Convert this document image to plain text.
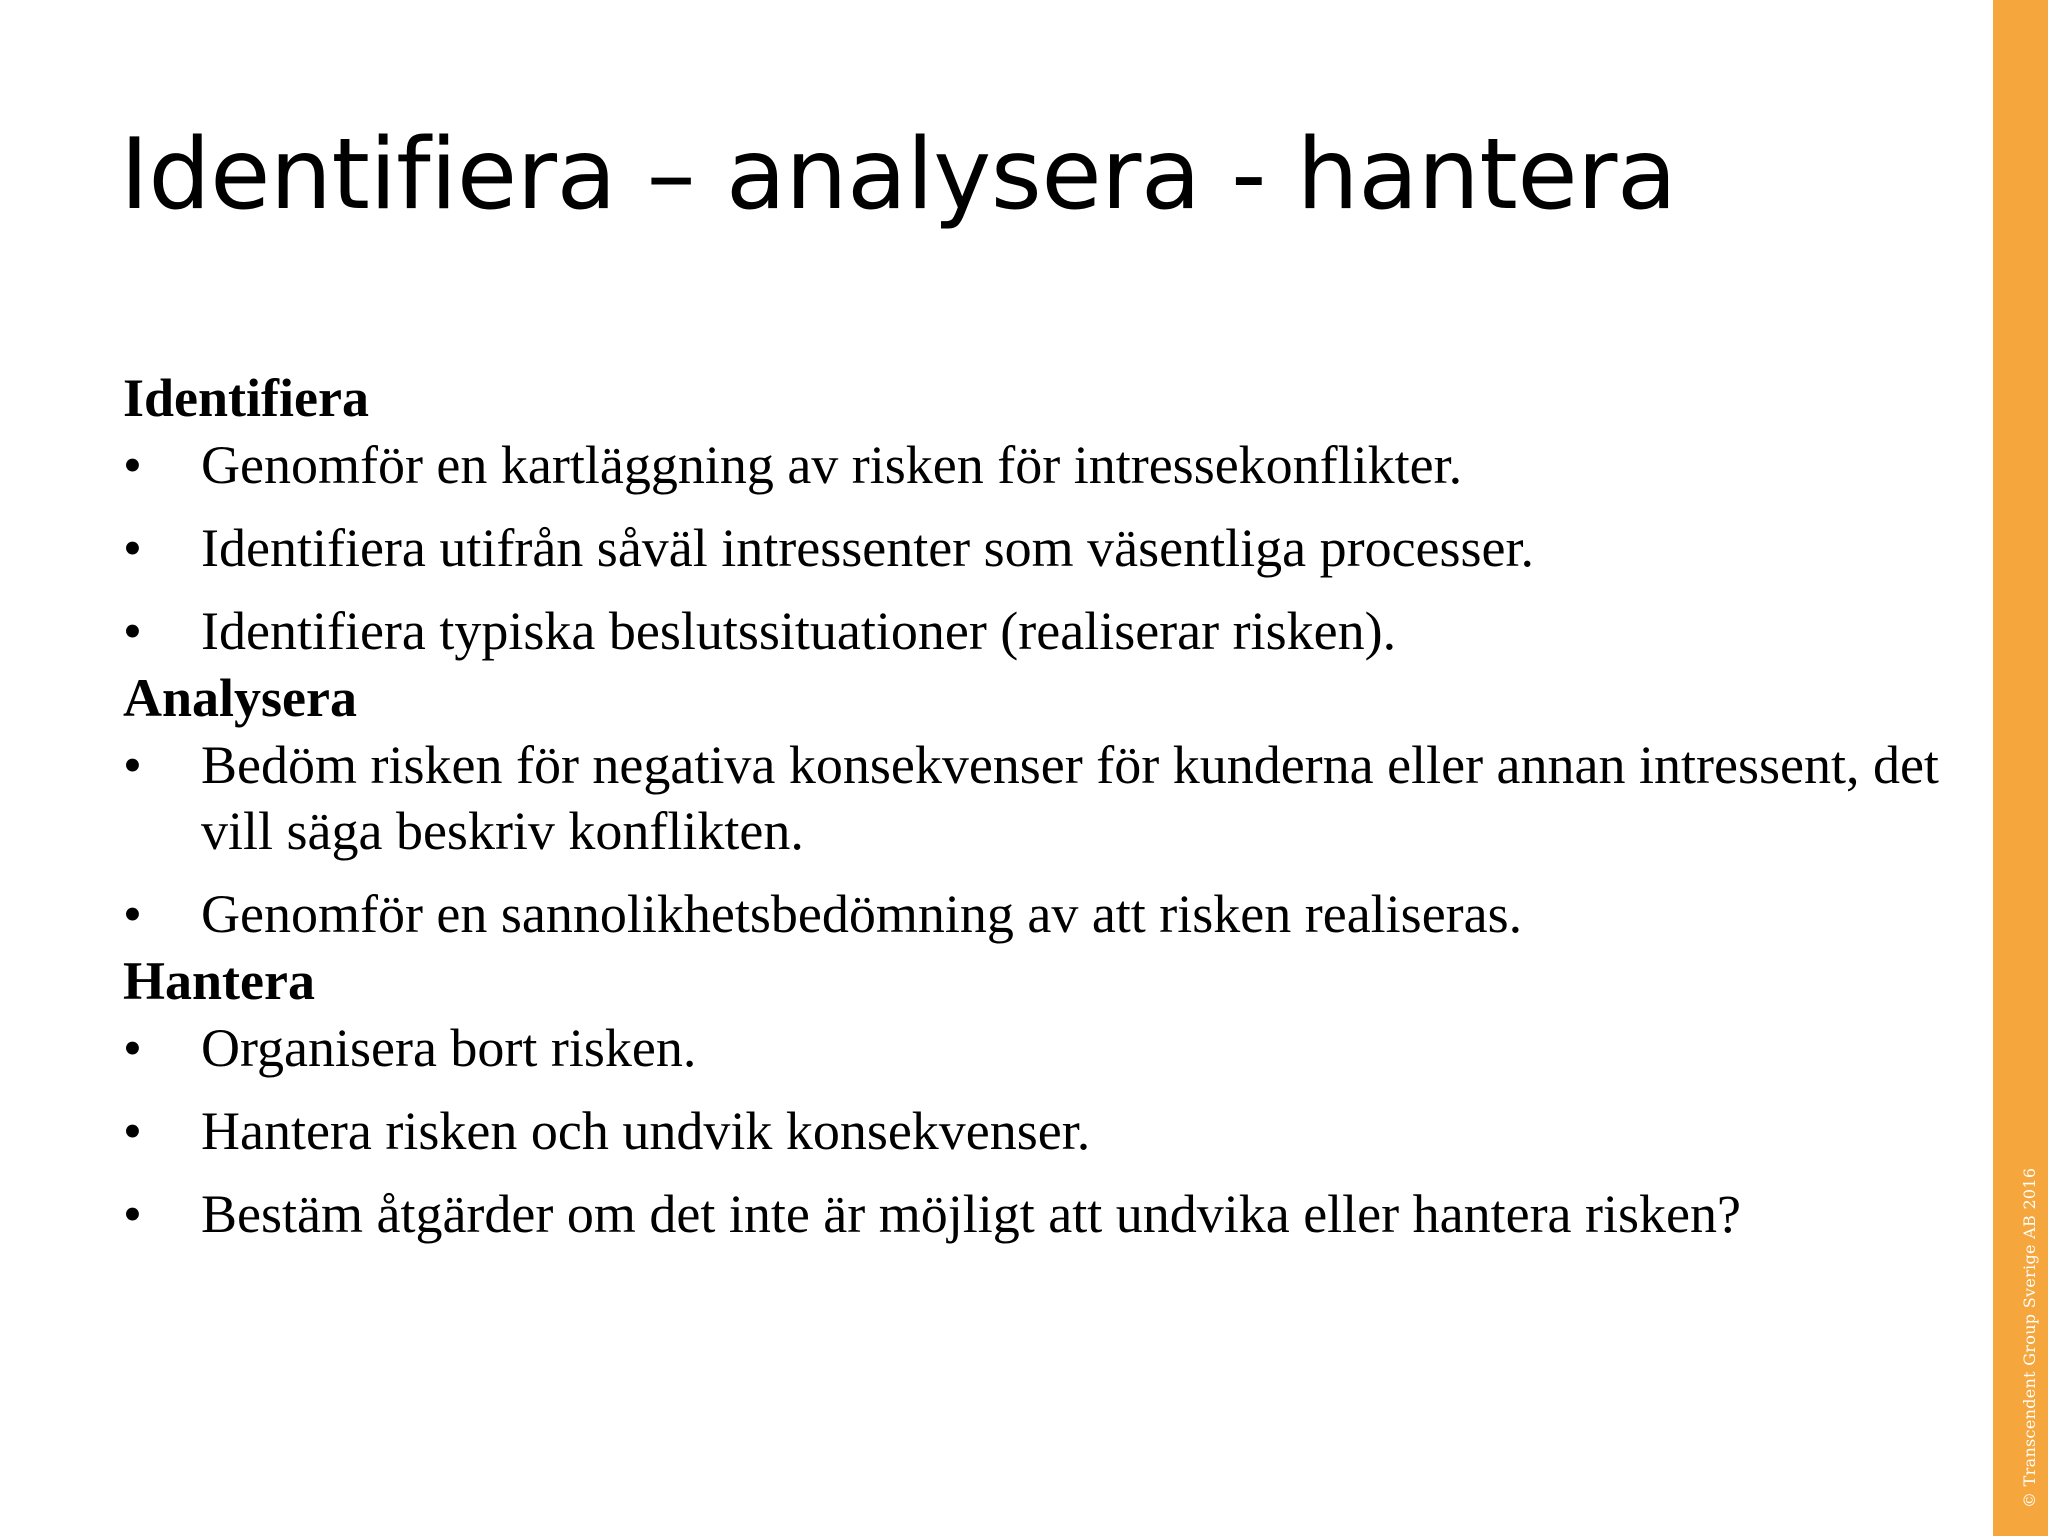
Identifiera – analysera - hantera

Identifiera

• Genomför en kartläggning av risken för intressekonflikter.
• Identifiera utifrån såväl intressenter som väsentliga processer.
• Identifiera typiska beslutssituationer (realiserar risken).

Analysera

• Bedöm risken för negativa konsekvenser för kunderna eller annan intressent, det vill säga beskriv konflikten.
• Genomför en sannolikhetsbedömning av att risken realiseras.

Hantera

• Organisera bort risken.
• Hantera risken och undvik konsekvenser.
• Bestäm åtgärder om det inte är möjligt att undvika eller hantera risken?	© Transcendent Group Sverige AB 2016
